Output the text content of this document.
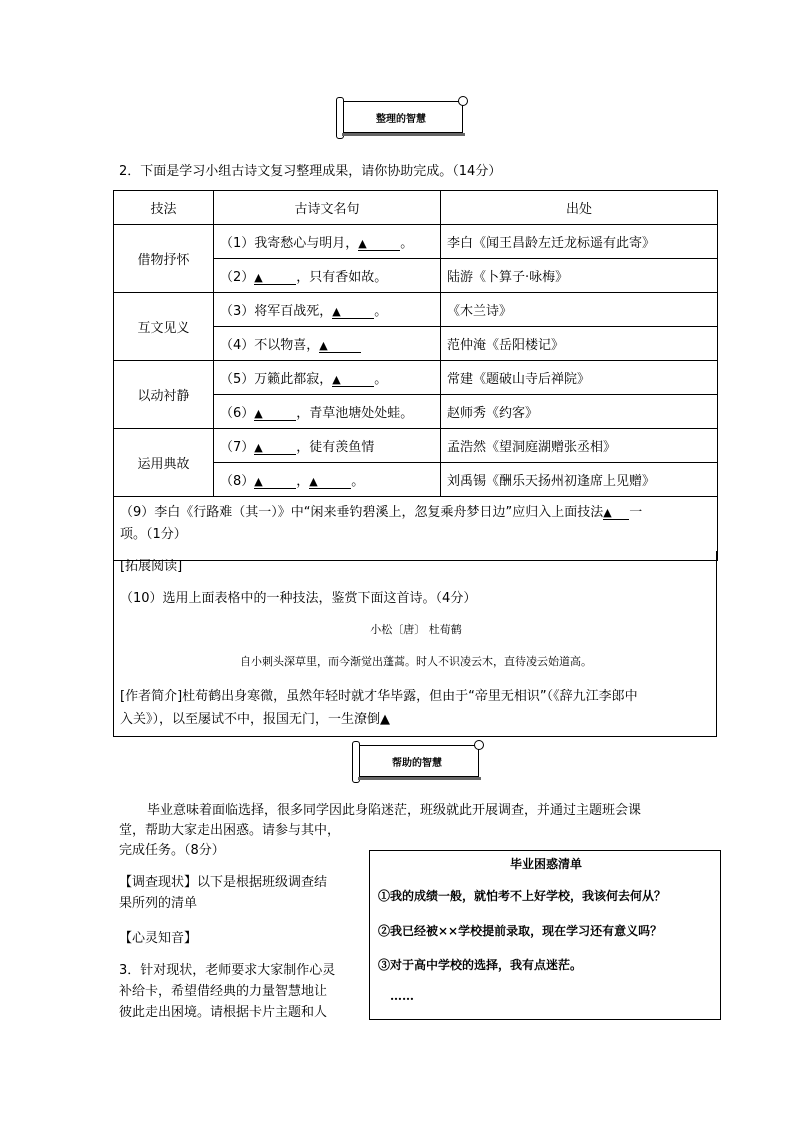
整理的智慧
2．下面是学习小组古诗文复习整理成果，请你协助完成。（14分）
技法	古诗文名句	出处
借物抒怀	（1）我寄愁心与明月，▲ 。	李白《闻王昌龄左迁龙标遥有此寄》
	（2）▲ ，只有香如故。	陆游《卜算子·咏梅》
互文见义	（3）将军百战死，▲ 。	《木兰诗》
	（4）不以物喜，▲	范仲淹《岳阳楼记》
以动衬静	（5）万籁此都寂，▲ 。	常建《题破山寺后禅院》
	（6）▲ ，青草池塘处处蛙。	赵师秀《约客》
运用典故	（7）▲ ，徒有羡鱼情	孟浩然《望洞庭湖赠张丞相》
	（8）▲ ，▲ 。	刘禹锡《酬乐天扬州初逢席上见赠》
（9）李白《行路难（其一）》中“闲来垂钓碧溪上，忽复乘舟梦日边”应归入上面技法▲ 一
项。（1分）		
[拓展阅读]
（10）选用上面表格中的一种技法，鉴赏下面这首诗。（4分）
小松〔唐〕 杜荀鹤
自小刺头深草里，而今渐觉出蓬蒿。时人不识凌云木，直待凌云始道高。
[作者简介]杜荀鹤出身寒微，虽然年轻时就才华毕露，但由于“帝里无相识”（《辞九江李郎中
入关》），以至屡试不中，报国无门，一生潦倒▲
帮助的智慧
毕业意味着面临选择，很多同学因此身陷迷茫，班级就此开展调查，并通过主题班会课
堂，帮助大家走出困惑。请参与其中，
完成任务。（8分）
【调查现状】以下是根据班级调查结
果所列的清单
【心灵知音】
3．针对现状，老师要求大家制作心灵
补给卡，希望借经典的力量智慧地让
彼此走出困境。请根据卡片主题和人
毕业困惑清单
①我的成绩一般，就怕考不上好学校，我该何去何从？
②我已经被××学校提前录取，现在学习还有意义吗？
③对于高中学校的选择，我有点迷茫。
……
